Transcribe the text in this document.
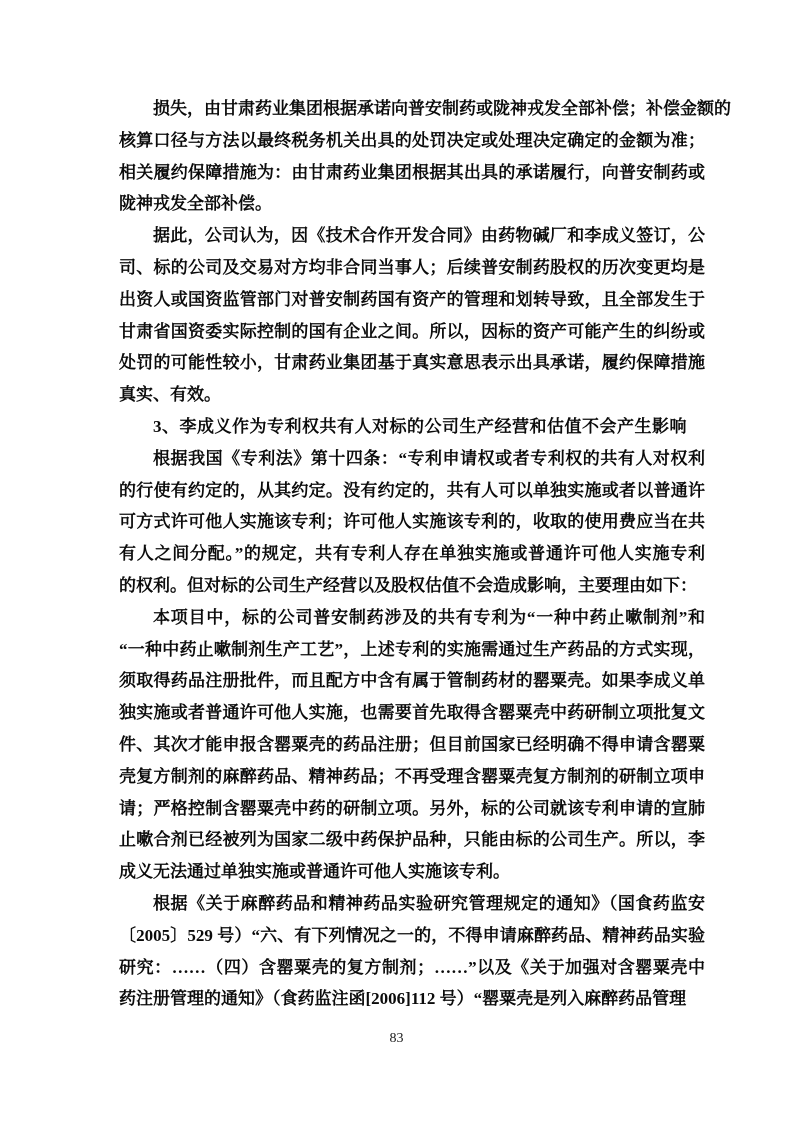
损失，由甘肃药业集团根据承诺向普安制药或陇神戎发全部补偿；补偿金额的
核算口径与方法以最终税务机关出具的处罚决定或处理决定确定的金额为准；
相关履约保障措施为：由甘肃药业集团根据其出具的承诺履行，向普安制药或
陇神戎发全部补偿。
据此，公司认为，因《技术合作开发合同》由药物碱厂和李成义签订，公
司、标的公司及交易对方均非合同当事人；后续普安制药股权的历次变更均是
出资人或国资监管部门对普安制药国有资产的管理和划转导致，且全部发生于
甘肃省国资委实际控制的国有企业之间。所以，因标的资产可能产生的纠纷或
处罚的可能性较小，甘肃药业集团基于真实意思表示出具承诺，履约保障措施
真实、有效。
3、李成义作为专利权共有人对标的公司生产经营和估值不会产生影响
根据我国《专利法》第十四条：“专利申请权或者专利权的共有人对权利
的行使有约定的，从其约定。没有约定的，共有人可以单独实施或者以普通许
可方式许可他人实施该专利；许可他人实施该专利的，收取的使用费应当在共
有人之间分配。”的规定，共有专利人存在单独实施或普通许可他人实施专利
的权利。但对标的公司生产经营以及股权估值不会造成影响，主要理由如下：
本项目中，标的公司普安制药涉及的共有专利为“一种中药止嗽制剂”和
“一种中药止嗽制剂生产工艺”，上述专利的实施需通过生产药品的方式实现，
须取得药品注册批件，而且配方中含有属于管制药材的罂粟壳。如果李成义单
独实施或者普通许可他人实施，也需要首先取得含罂粟壳中药研制立项批复文
件、其次才能申报含罂粟壳的药品注册；但目前国家已经明确不得申请含罂粟
壳复方制剂的麻醉药品、精神药品；不再受理含罂粟壳复方制剂的研制立项申
请；严格控制含罂粟壳中药的研制立项。另外，标的公司就该专利申请的宣肺
止嗽合剂已经被列为国家二级中药保护品种，只能由标的公司生产。所以，李
成义无法通过单独实施或普通许可他人实施该专利。
根据《关于麻醉药品和精神药品实验研究管理规定的通知》（国食药监安
〔2005〕529 号）“六、有下列情况之一的，不得申请麻醉药品、精神药品实验
研究：……（四）含罂粟壳的复方制剂；……”以及《关于加强对含罂粟壳中
药注册管理的通知》（食药监注函[2006]112 号）“罂粟壳是列入麻醉药品管理
83
